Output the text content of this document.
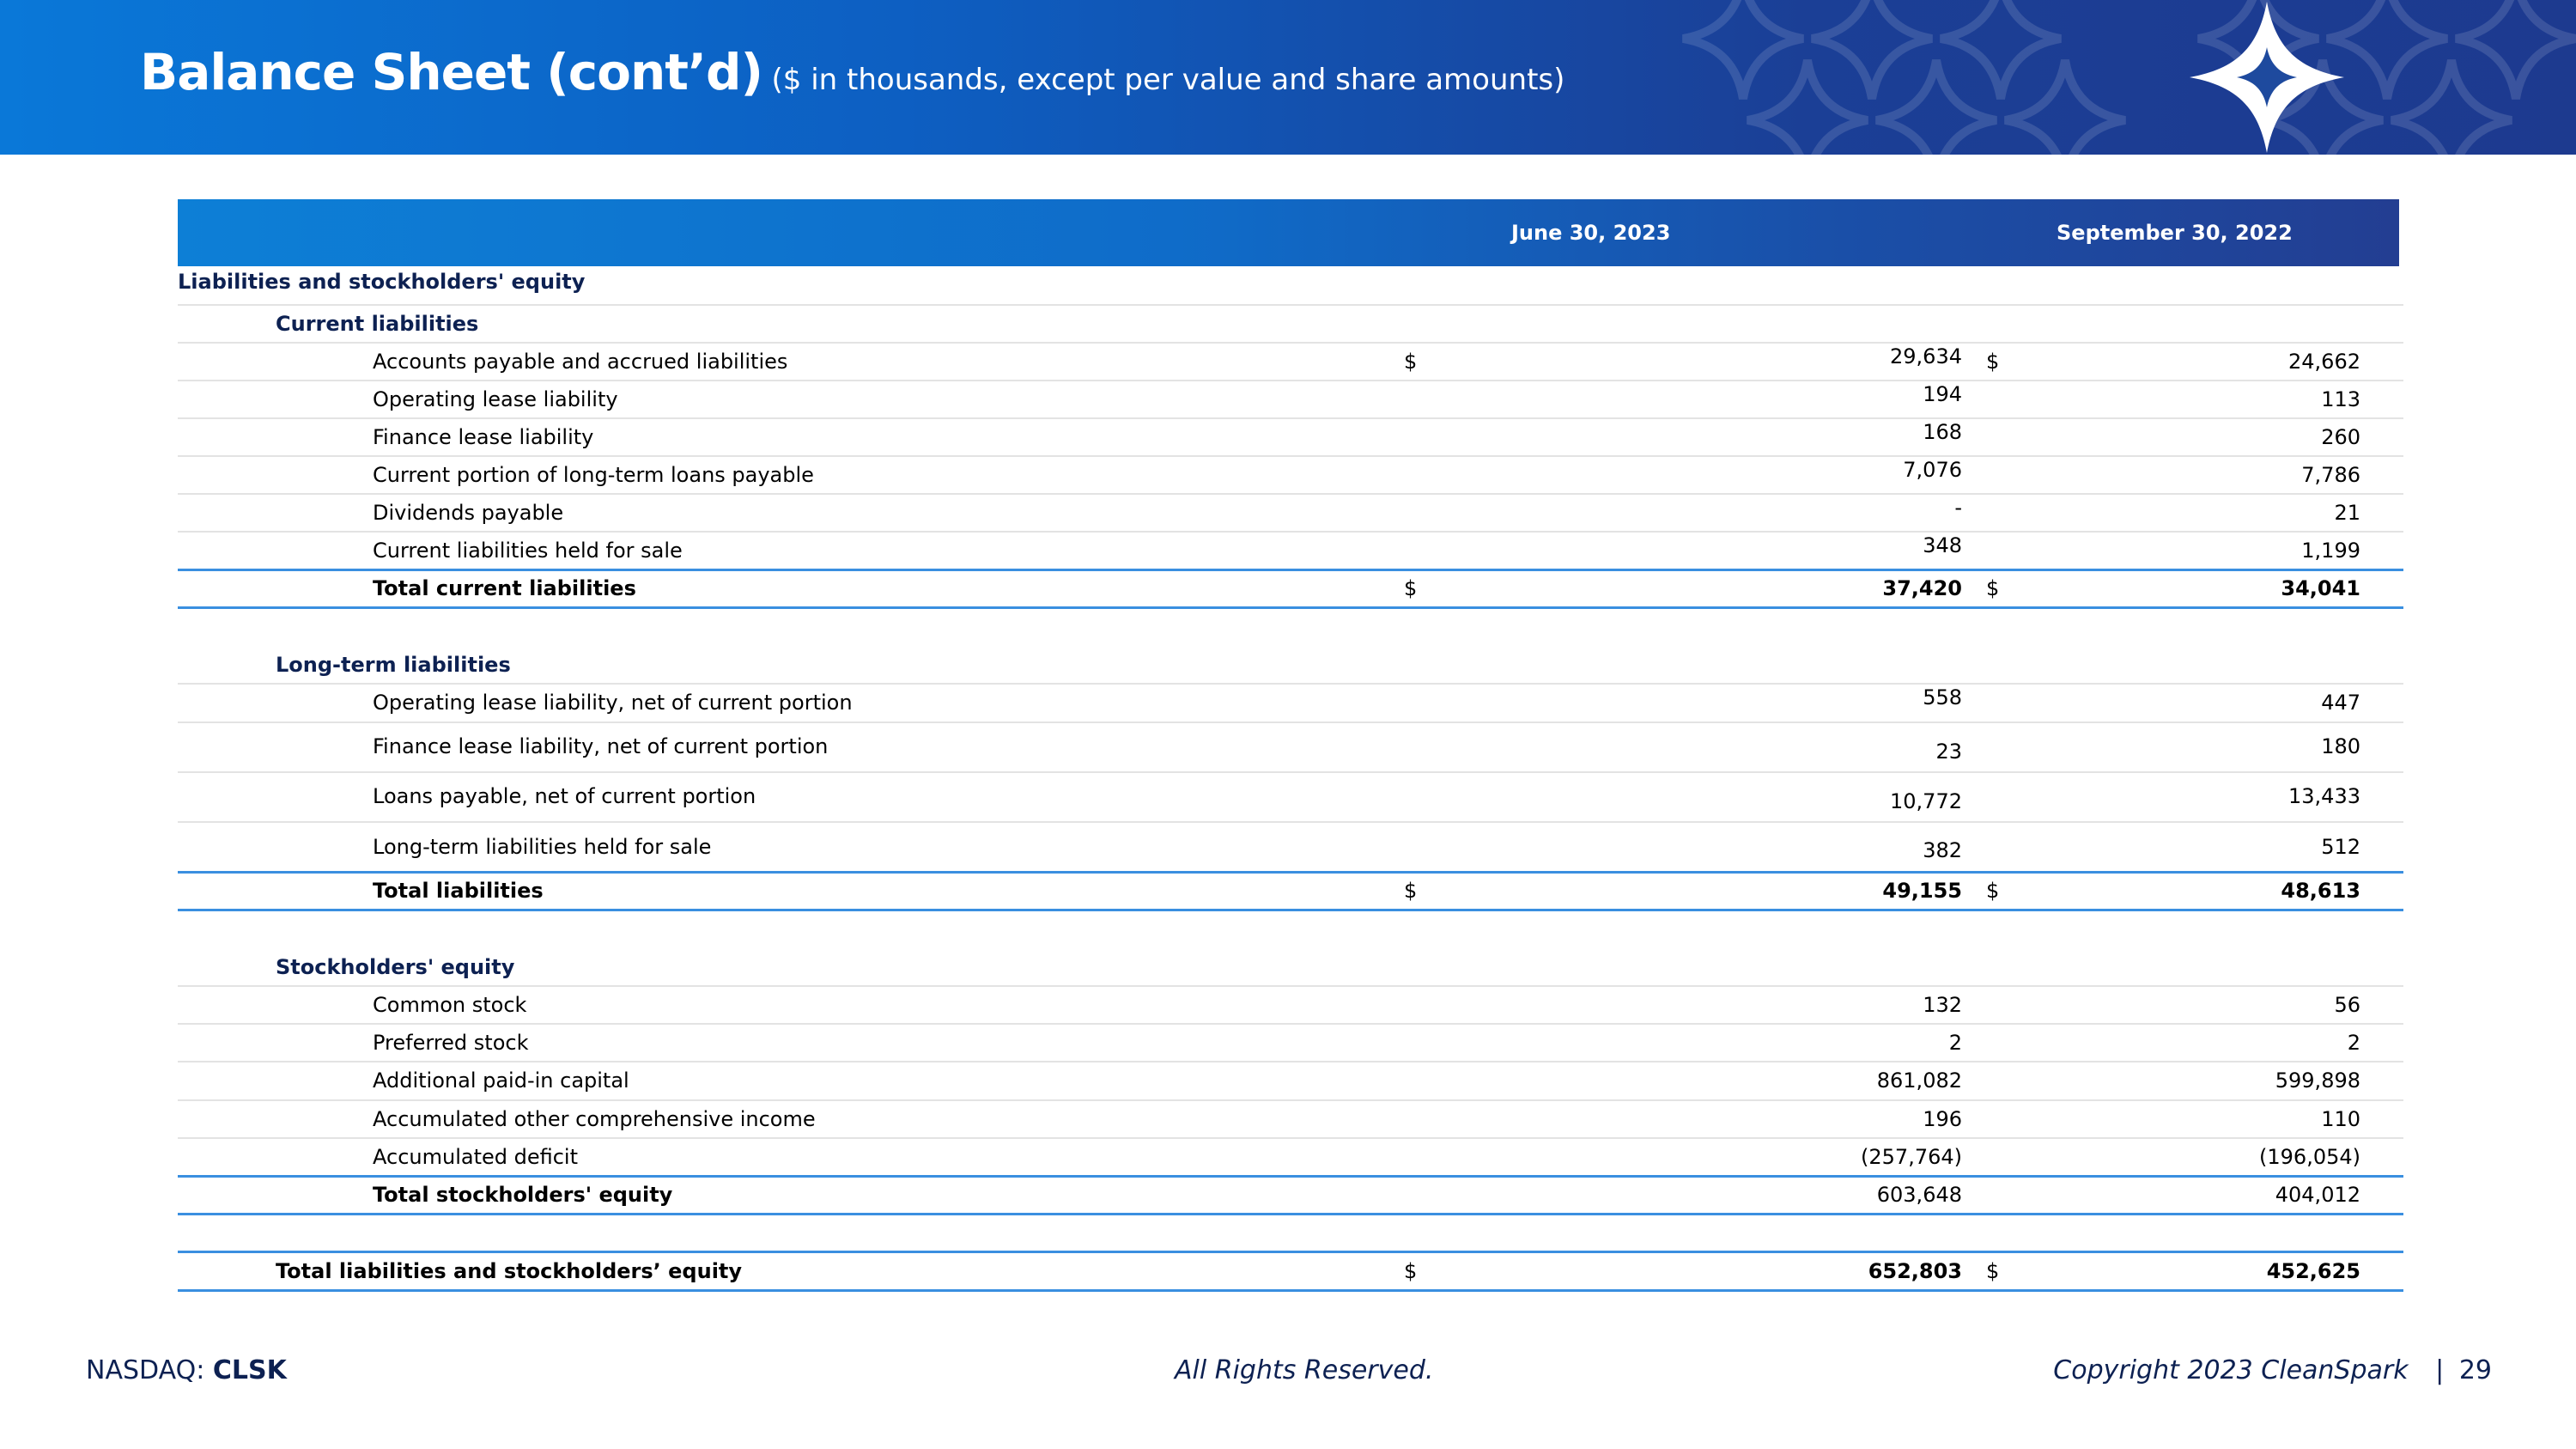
Balance Sheet (cont’d) ($ in thousands, except per value and share amounts)
June 30, 2023	September 30, 2022
Liabilities and stockholders' equity
Current liabilities
Accounts payable and accrued liabilities	$	29,634 $	24,662
Operating lease liability	194	113
Finance lease liability	168	260
Current portion of long-term loans payable	7,076	7,786
Dividends payable	-	21
Current liabilities held for sale	348	1,199
Total current liabilities	$	37,420 $	34,041
Long-term liabilities
Operating lease liability, net of current portion	558	447
Finance lease liability, net of current portion	23	180
Loans payable, net of current portion	10,772	13,433
Long-term liabilities held for sale	382	512
Total liabilities	$	49,155 $	48,613
Stockholders' equity
Common stock	132	56
Preferred stock	2	2
Additional paid-in capital	861,082	599,898
Accumulated other comprehensive income	196	110
Accumulated deficit	(257,764)	(196,054)
Total stockholders' equity	603,648	404,012
Total liabilities and stockholders’ equity	$	652,803 $	452,625
NASDAQ: CLSK	All Rights Reserved.	Copyright 2023 CleanSpark | 29
